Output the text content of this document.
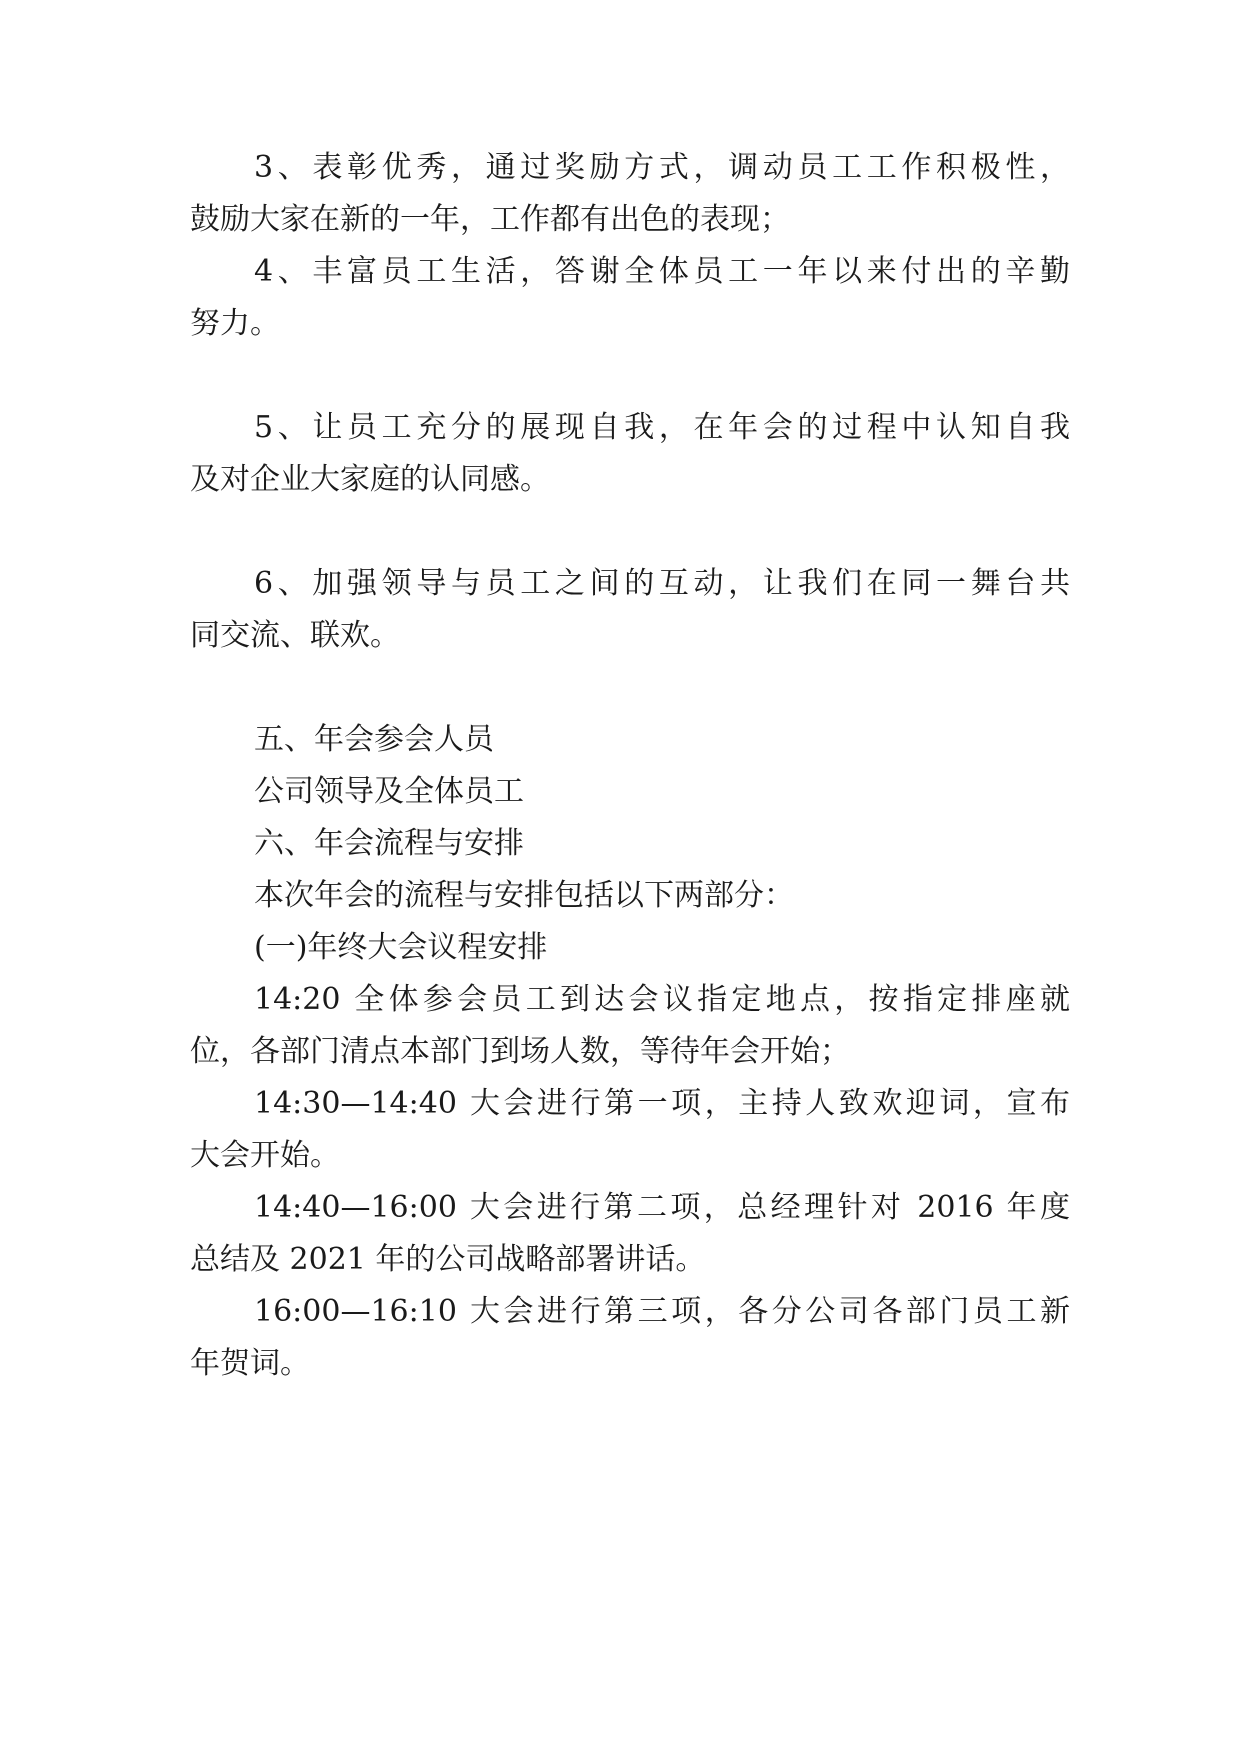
3、表彰优秀，通过奖励方式，调动员工工作积极性，
鼓励大家在新的一年，工作都有出色的表现；
4、丰富员工生活，答谢全体员工一年以来付出的辛勤
努力。
5、让员工充分的展现自我，在年会的过程中认知自我
及对企业大家庭的认同感。
6、加强领导与员工之间的互动，让我们在同一舞台共
同交流、联欢。
五、年会参会人员
公司领导及全体员工
六、年会流程与安排
本次年会的流程与安排包括以下两部分：
(一)年终大会议程安排
14:20 全体参会员工到达会议指定地点，按指定排座就
位，各部门清点本部门到场人数，等待年会开始；
14:30—14:40 大会进行第一项，主持人致欢迎词，宣布
大会开始。
14:40—16:00 大会进行第二项，总经理针对 2016 年度
总结及 2021 年的公司战略部署讲话。
16:00—16:10 大会进行第三项，各分公司各部门员工新
年贺词。
